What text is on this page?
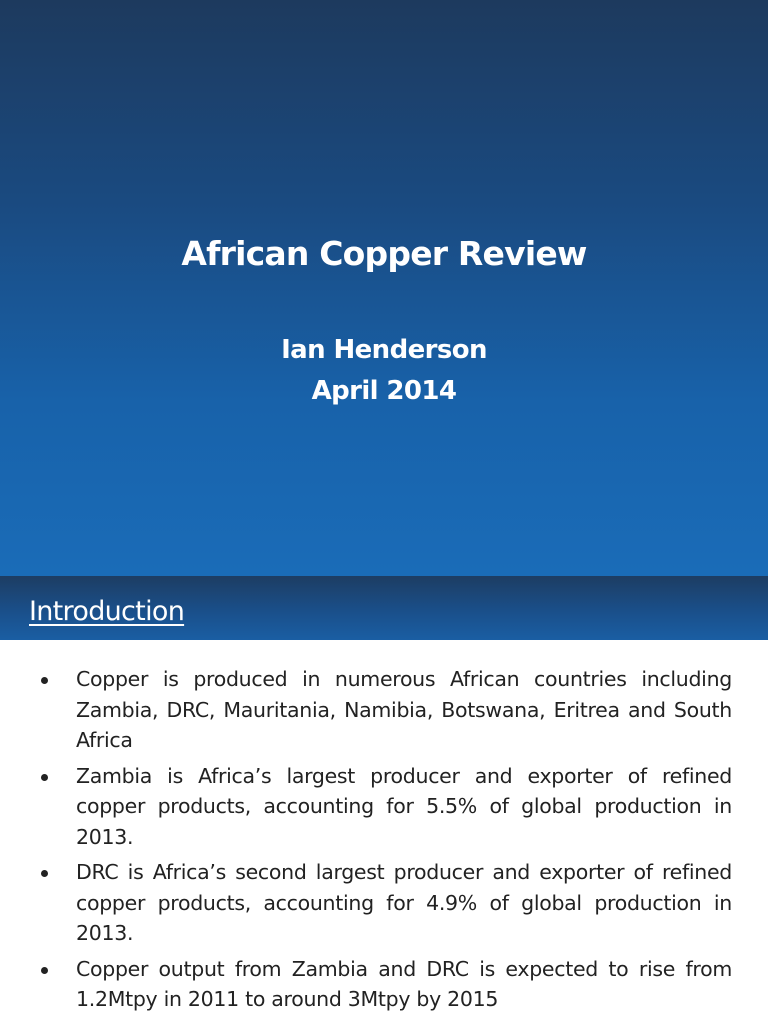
African Copper Review
Ian Henderson
April 2014
Introduction
Copper is produced in numerous African countries including Zambia, DRC, Mauritania, Namibia, Botswana, Eritrea and South Africa
Zambia is Africa’s largest producer and exporter of refined copper products, accounting for 5.5% of global production in 2013.
DRC is Africa’s second largest producer and exporter of refined copper products, accounting for 4.9% of global production in 2013.
Copper output from Zambia and DRC is expected to rise from 1.2Mtpy in 2011 to around 3Mtpy by 2015
